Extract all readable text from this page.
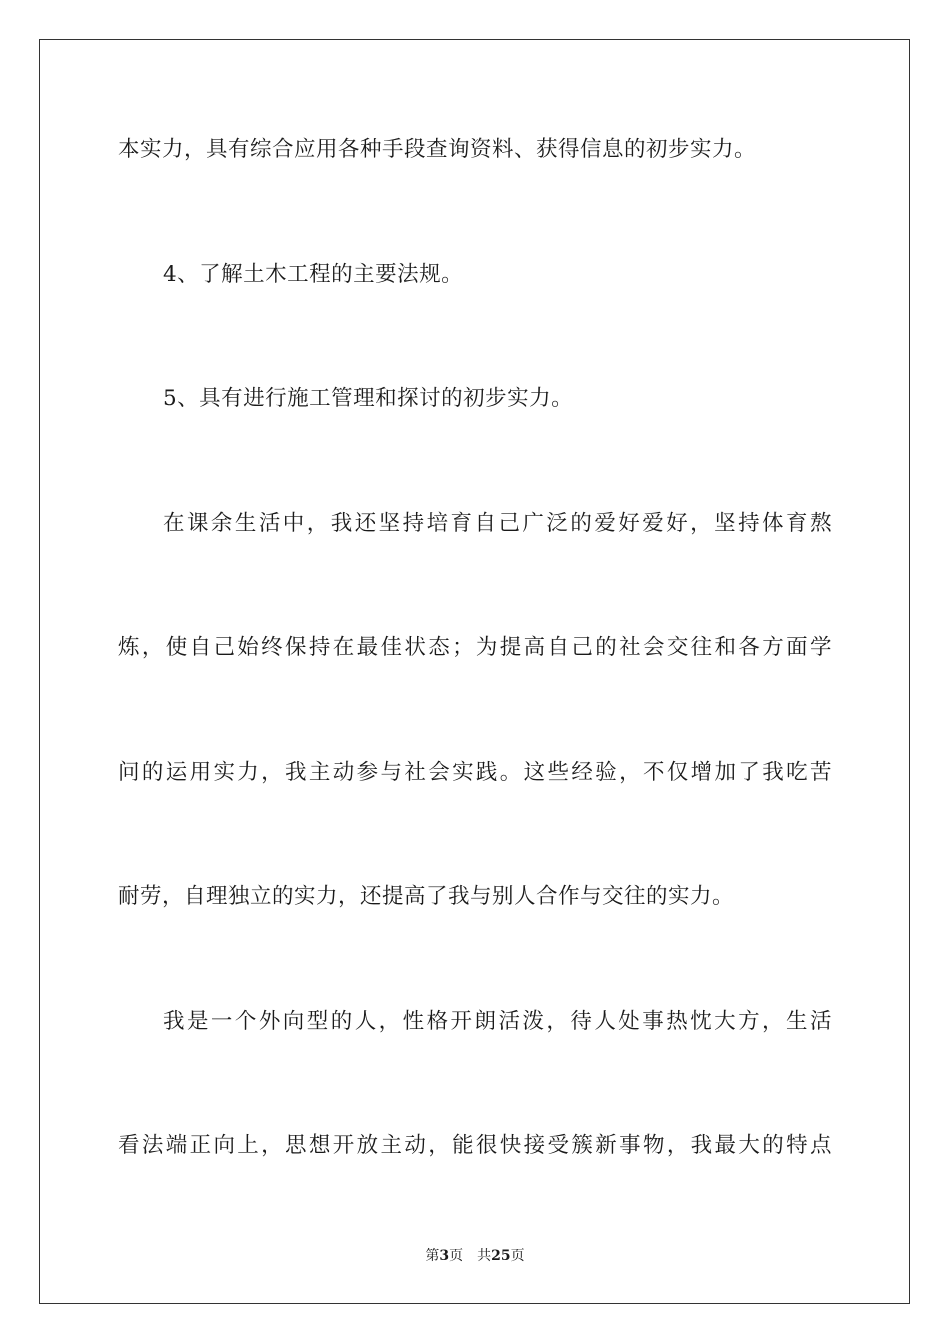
本实力，具有综合应用各种手段查询资料、获得信息的初步实力。
4、了解土木工程的主要法规。
5、具有进行施工管理和探讨的初步实力。
在课余生活中，我还坚持培育自己广泛的爱好爱好，坚持体育熬
炼，使自己始终保持在最佳状态；为提高自己的社会交往和各方面学
问的运用实力，我主动参与社会实践。这些经验，不仅增加了我吃苦
耐劳，自理独立的实力，还提高了我与别人合作与交往的实力。
我是一个外向型的人，性格开朗活泼，待人处事热忱大方，生活
看法端正向上，思想开放主动，能很快接受簇新事物，我最大的特点
第3页 共25页
